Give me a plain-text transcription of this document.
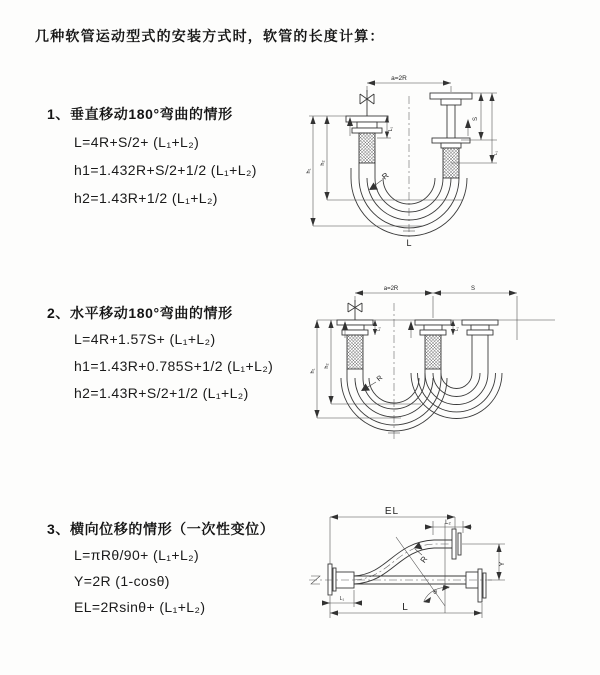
几种软管运动型式的安装方式时，软管的长度计算：
1、垂直移动180°弯曲的情形
L=4R+S/2+ (L₁+L₂)
h1=1.432R+S/2+1/2 (L₁+L₂)
h2=1.43R+1/2 (L₁+L₂)
2、水平移动180°弯曲的情形
L=4R+1.57S+ (L₁+L₂)
h1=1.43R+0.785S+1/2 (L₁+L₂)
h2=1.43R+S/2+1/2 (L₁+L₂)
3、横向位移的情形（一次性变位）
L=πRθ/90+ (L₁+L₂)
Y=2R (1-cosθ)
EL=2Rsinθ+ (L₁+L₂)
a=2R
h₁
h₂
L₁
S
L₁
R
L
a=2R	S
h₁
h₂
L₁	L₁
R
EL
L₂
θ
R	Y
L₁
L
